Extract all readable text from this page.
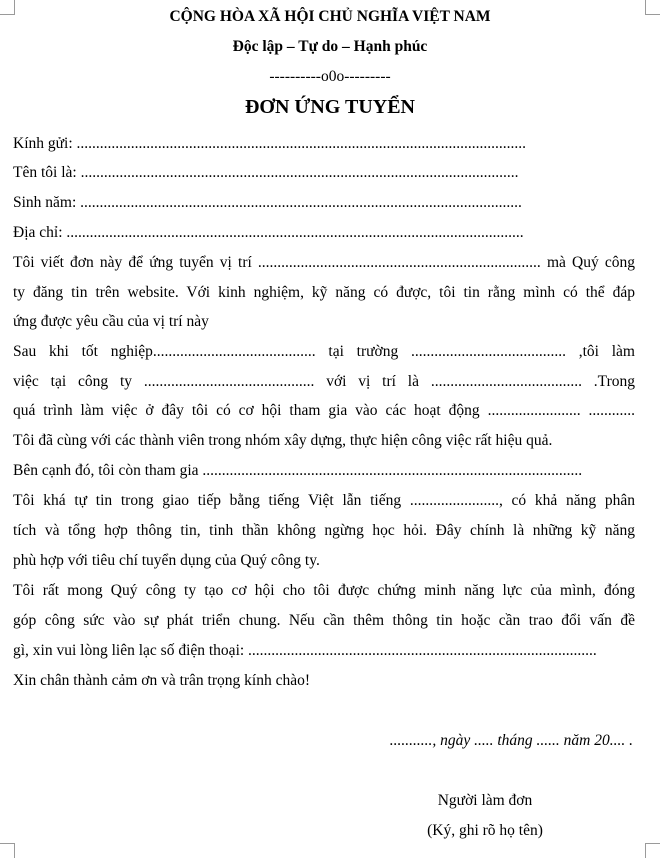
CỘNG HÒA XÃ HỘI CHỦ NGHĨA VIỆT NAM
Độc lập – Tự do – Hạnh phúc
----------o0o---------
ĐƠN ỨNG TUYỂN
Kính gửi: ....................................................................................................................
Tên tôi là: .................................................................................................................
Sinh năm: ..................................................................................................................
Địa chỉ: ......................................................................................................................
Tôi viết đơn này để ứng tuyển vị trí ......................................................................... mà Quý công
ty đăng tin trên website. Với kinh nghiệm, kỹ năng có được, tôi tin rằng mình có thể đáp
ứng được yêu cầu của vị trí này
Sau khi tốt nghiệp.......................................... tại trường ........................................ ,tôi làm
việc tại công ty ............................................ với vị trí là ....................................... .Trong
quá trình làm việc ở đây tôi có cơ hội tham gia vào các hoạt động ........................ ............
Tôi đã cùng với các thành viên trong nhóm xây dựng, thực hiện công việc rất hiệu quả.
Bên cạnh đó, tôi còn tham gia ..................................................................................................
Tôi khá tự tin trong giao tiếp bằng tiếng Việt lẫn tiếng ......................., có khả năng phân
tích và tổng hợp thông tin, tinh thần không ngừng học hỏi. Đây chính là những kỹ năng
phù hợp với tiêu chí tuyển dụng của Quý công ty.
Tôi rất mong Quý công ty tạo cơ hội cho tôi được chứng minh năng lực của mình, đóng
góp công sức vào sự phát triển chung. Nếu cần thêm thông tin hoặc cần trao đổi vấn đề
gì, xin vui lòng liên lạc số điện thoại: ..........................................................................................
Xin chân thành cảm ơn và trân trọng kính chào!
..........., ngày ..... tháng ...... năm 20.... .
Người làm đơn
(Ký, ghi rõ họ tên)
